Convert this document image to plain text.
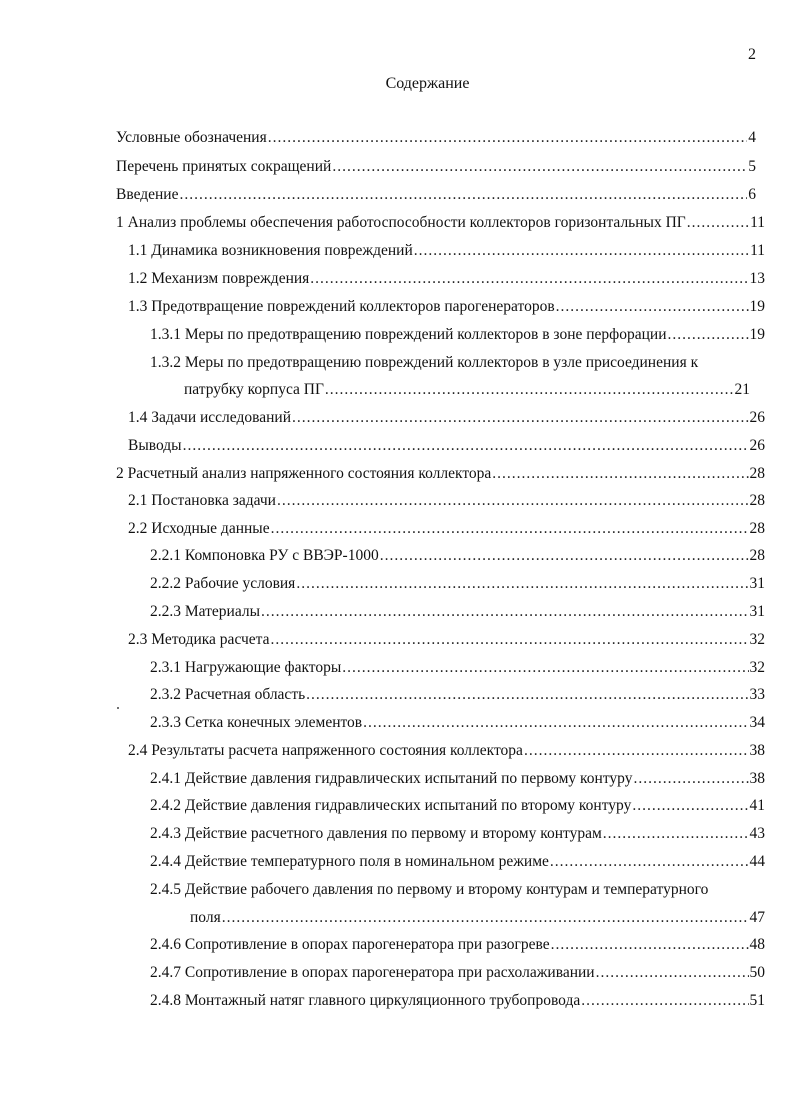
2
Содержание
Условные обозначения .....	4
Перечень принятых сокращений .....	5
Введение .....	6
1 Анализ проблемы обеспечения работоспособности коллекторов горизонтальных ПГ .....	11
1.1 Динамика возникновения повреждений .....	11
1.2 Механизм повреждения .....	13
1.3 Предотвращение повреждений коллекторов парогенераторов .....	19
1.3.1 Меры по предотвращению повреждений коллекторов в зоне перфорации .....	19
1.3.2 Меры по предотвращению повреждений коллекторов в узле присоединения к
патрубку корпуса ПГ .....	21
1.4 Задачи исследований .....	26
Выводы .....	26
2 Расчетный анализ напряженного состояния коллектора .....	28
2.1 Постановка задачи .....	28
2.2 Исходные данные .....	28
2.2.1 Компоновка РУ с ВВЭР-1000 .....	28
2.2.2 Рабочие условия .....	31
2.2.3 Материалы .....	31
2.3 Методика расчета .....	32
2.3.1 Нагружающие факторы .....	32
2.3.2 Расчетная область .....	33
2.3.3 Сетка конечных элементов .....	34
2.4 Результаты расчета напряженного состояния коллектора .....	38
2.4.1 Действие давления гидравлических испытаний по первому контуру .....	38
2.4.2 Действие давления гидравлических испытаний по второму контуру .....	41
2.4.3 Действие расчетного давления по первому и второму контурам .....	43
2.4.4 Действие температурного поля в номинальном режиме .....	44
2.4.5 Действие рабочего давления по первому и второму контурам и температурного
поля .....	47
2.4.6 Сопротивление в опорах парогенератора при разогреве .....	48
2.4.7 Сопротивление в опорах парогенератора при расхолаживании .....	50
2.4.8 Монтажный натяг главного циркуляционного трубопровода .....	51
